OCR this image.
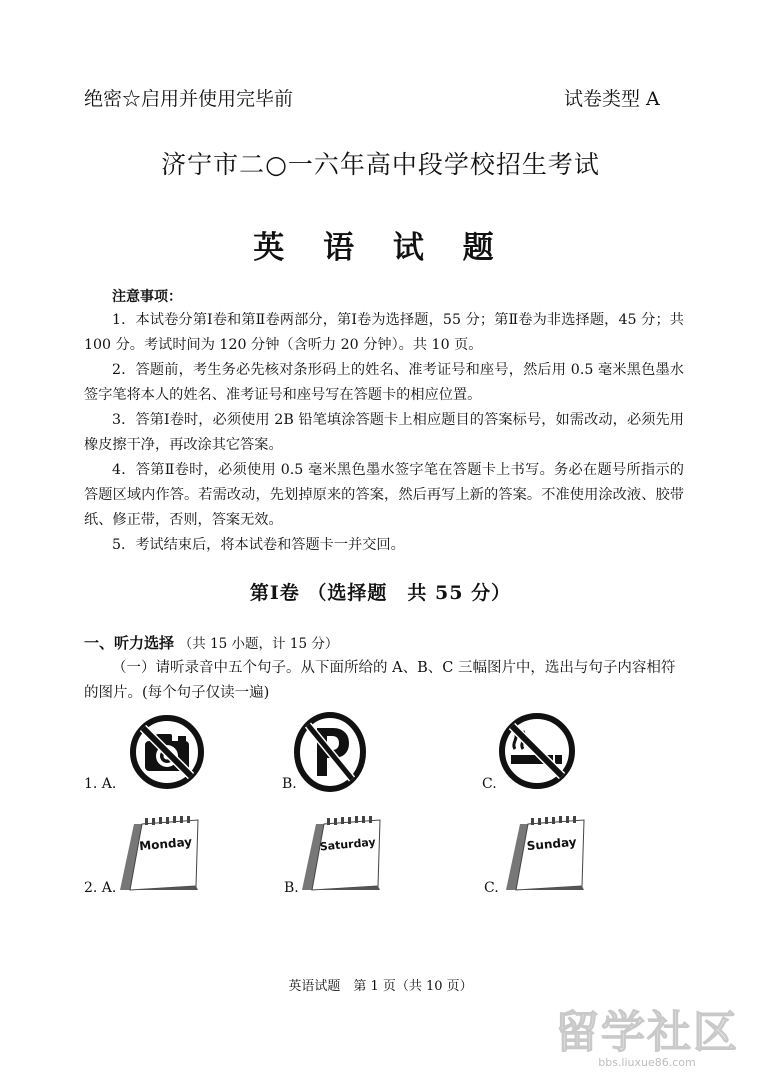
绝密☆启用并使用完毕前	试卷类型 A
济宁市二○一六年高中段学校招生考试
英 语 试 题
注意事项：

1．本试卷分第Ⅰ卷和第Ⅱ卷两部分，第Ⅰ卷为选择题，55 分；第Ⅱ卷为非选择题，45 分；共 100 分。考试时间为 120 分钟（含听力 20 分钟）。共 10 页。

2．答题前，考生务必先核对条形码上的姓名、准考证号和座号，然后用 0.5 毫米黑色墨水签字笔将本人的姓名、准考证号和座号写在答题卡的相应位置。

3．答第Ⅰ卷时，必须使用 2B 铅笔填涂答题卡上相应题目的答案标号，如需改动，必须先用橡皮擦干净，再改涂其它答案。

4．答第Ⅱ卷时，必须使用 0.5 毫米黑色墨水签字笔在答题卡上书写。务必在题号所指示的答题区域内作答。若需改动，先划掉原来的答案，然后再写上新的答案。不准使用涂改液、胶带纸、修正带，否则，答案无效。

5．考试结束后，将本试卷和答题卡一并交回。

第Ⅰ卷 （选择题　共 55 分）
一、听力选择 （共 15 小题，计 15 分）

（一）请听录音中五个句子。从下面所给的 A、B、C 三幅图片中，选出与句子内容相符的图片。(每个句子仅读一遍)

1. A.	B.	C.
2. A.	B.	C.
Monday	Saturday	Sunday
英语试题　第 1 页（共 10 页）
留学社区
bbs.liuxue86.com
